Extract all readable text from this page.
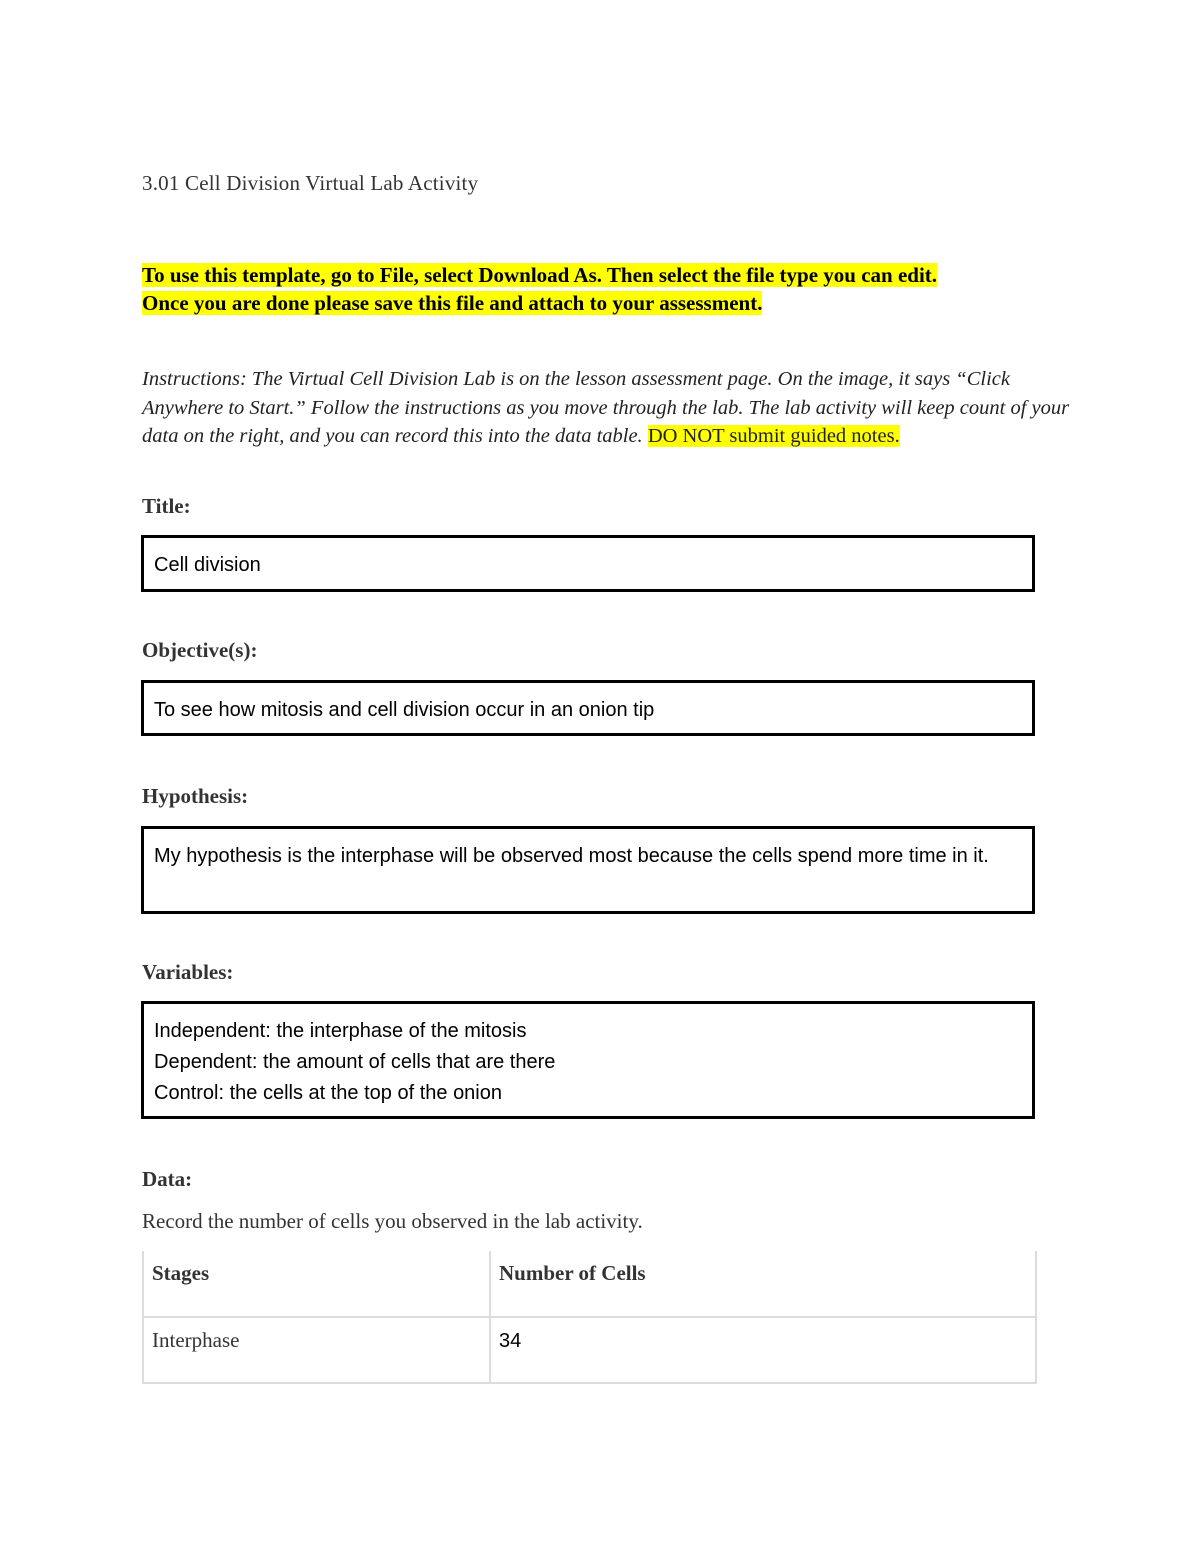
3.01 Cell Division Virtual Lab Activity
To use this template, go to File, select Download As. Then select the file type you can edit.
Once you are done please save this file and attach to your assessment.
Instructions: The Virtual Cell Division Lab is on the lesson assessment page. On the image, it says “Click Anywhere to Start.” Follow the instructions as you move through the lab. The lab activity will keep count of your data on the right, and you can record this into the data table. DO NOT submit guided notes.
Title:
Cell division
Objective(s):
To see how mitosis and cell division occur in an onion tip
Hypothesis:
My hypothesis is the interphase will be observed most because the cells spend more time in it.
Variables:
Independent: the interphase of the mitosis
Dependent: the amount of cells that are there
Control: the cells at the top of the onion
Data:
Record the number of cells you observed in the lab activity.
Stages	Number of Cells
Interphase	34
